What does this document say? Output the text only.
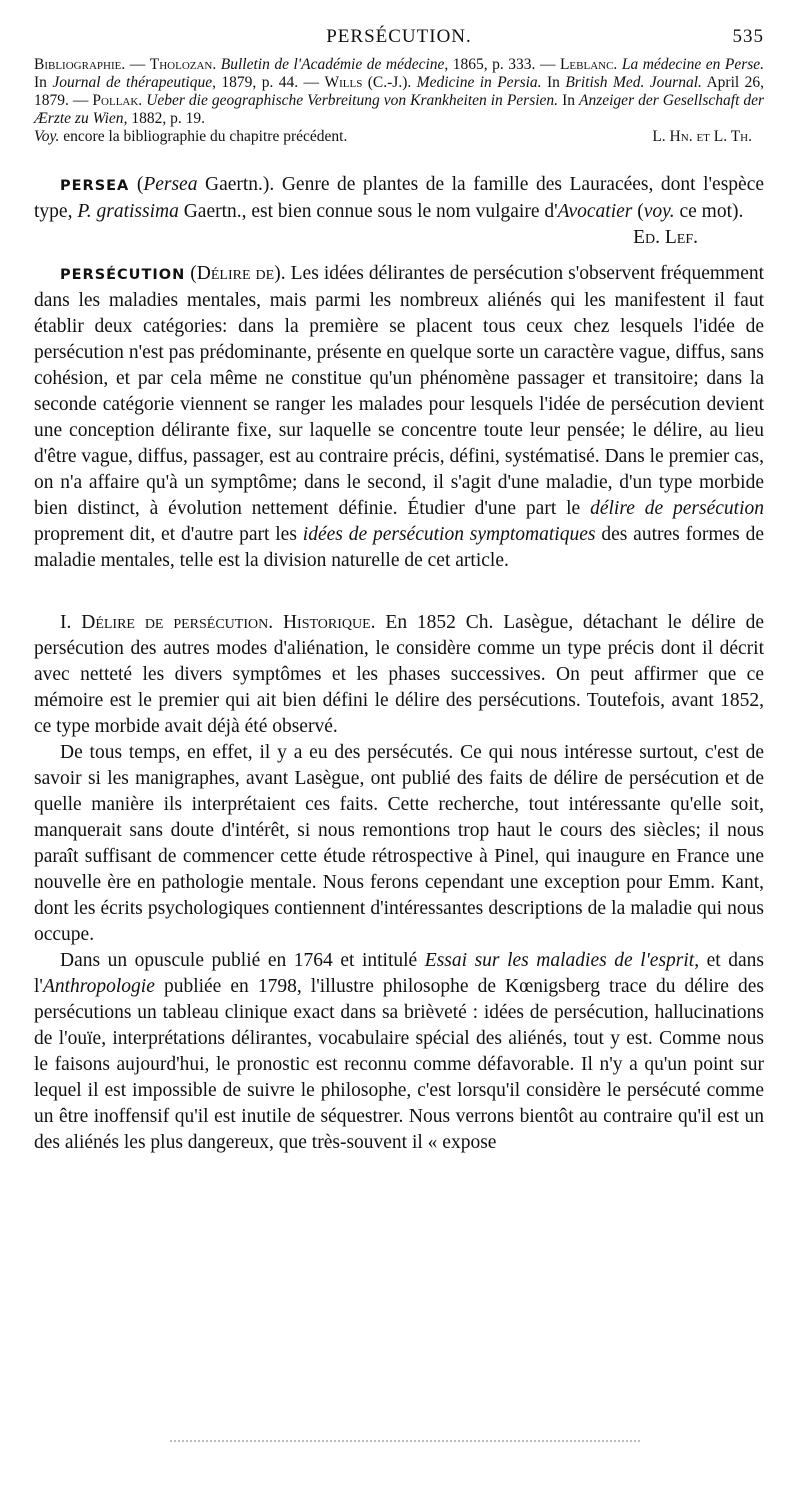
PERSÉCUTION.	535

Bibliographie. — Tholozan. Bulletin de l'Académie de médecine, 1865, p. 333. — Leblanc. La médecine en Perse. In Journal de thérapeutique, 1879, p. 44. — Wills (C.-J.). Medicine in Persia. In British Med. Journal. April 26, 1879. — Pollak. Ueber die geographische Verbreitung von Krankheiten in Persien. In Anzeiger der Gesellschaft der Ærzte zu Wien, 1882, p. 19.

Voy. encore la bibliographie du chapitre précédent.	L. Hn. et L. Th.

PERSEA (Persea Gaertn.). Genre de plantes de la famille des Lauracées, dont l'espèce type, P. gratissima Gaertn., est bien connue sous le nom vulgaire d'Avocatier (voy. ce mot).
Ed. Lef.

PERSÉCUTION (Délire de). Les idées délirantes de persécution s'observent fréquemment dans les maladies mentales, mais parmi les nombreux aliénés qui les manifestent il faut établir deux catégories: dans la première se placent tous ceux chez lesquels l'idée de persécution n'est pas prédominante, présente en quelque sorte un caractère vague, diffus, sans cohésion, et par cela même ne constitue qu'un phénomène passager et transitoire; dans la seconde catégorie viennent se ranger les malades pour lesquels l'idée de persécution devient une conception délirante fixe, sur laquelle se concentre toute leur pensée; le délire, au lieu d'être vague, diffus, passager, est au contraire précis, défini, systématisé. Dans le premier cas, on n'a affaire qu'à un symptôme; dans le second, il s'agit d'une maladie, d'un type morbide bien distinct, à évolution nettement définie. Étudier d'une part le délire de persécution proprement dit, et d'autre part les idées de persécution symptomatiques des autres formes de maladie mentales, telle est la division naturelle de cet article.

I. Délire de persécution. Historique. En 1852 Ch. Lasègue, détachant le délire de persécution des autres modes d'aliénation, le considère comme un type précis dont il décrit avec netteté les divers symptômes et les phases successives. On peut affirmer que ce mémoire est le premier qui ait bien défini le délire des persécutions. Toutefois, avant 1852, ce type morbide avait déjà été observé.

De tous temps, en effet, il y a eu des persécutés. Ce qui nous intéresse surtout, c'est de savoir si les manigraphes, avant Lasègue, ont publié des faits de délire de persécution et de quelle manière ils interprétaient ces faits. Cette recherche, tout intéressante qu'elle soit, manquerait sans doute d'intérêt, si nous remontions trop haut le cours des siècles; il nous paraît suffisant de commencer cette étude rétrospective à Pinel, qui inaugure en France une nouvelle ère en pathologie mentale. Nous ferons cependant une exception pour Emm. Kant, dont les écrits psychologiques contiennent d'intéressantes descriptions de la maladie qui nous occupe.

Dans un opuscule publié en 1764 et intitulé Essai sur les maladies de l'esprit, et dans l'Anthropologie publiée en 1798, l'illustre philosophe de Kœnigsberg trace du délire des persécutions un tableau clinique exact dans sa brièveté : idées de persécution, hallucinations de l'ouïe, interprétations délirantes, vocabulaire spécial des aliénés, tout y est. Comme nous le faisons aujourd'hui, le pronostic est reconnu comme défavorable. Il n'y a qu'un point sur lequel il est impossible de suivre le philosophe, c'est lorsqu'il considère le persécuté comme un être inoffensif qu'il est inutile de séquestrer. Nous verrons bientôt au contraire qu'il est un des aliénés les plus dangereux, que très-souvent il « expose
